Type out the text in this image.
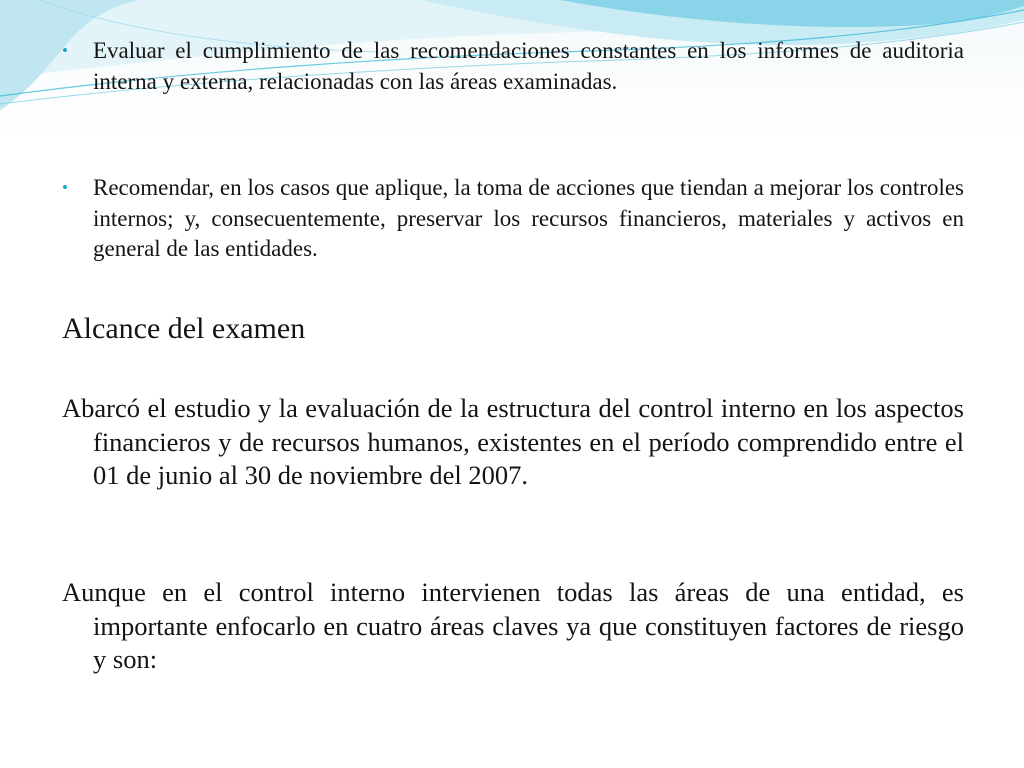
• Evaluar el cumplimiento de las recomendaciones constantes en los informes de auditoria interna y externa, relacionadas con las áreas examinadas.
• Recomendar, en los casos que aplique, la toma de acciones que tiendan a mejorar los controles internos; y, consecuentemente, preservar los recursos financieros, materiales y activos en general de las entidades.
Alcance del examen

Abarcó el estudio y la evaluación de la estructura del control interno en los aspectos financieros y de recursos humanos, existentes en el período comprendido entre el 01 de junio al 30 de noviembre del 2007.

Aunque en el control interno intervienen todas las áreas de una entidad, es importante enfocarlo en cuatro áreas claves ya que constituyen factores de riesgo y son:
